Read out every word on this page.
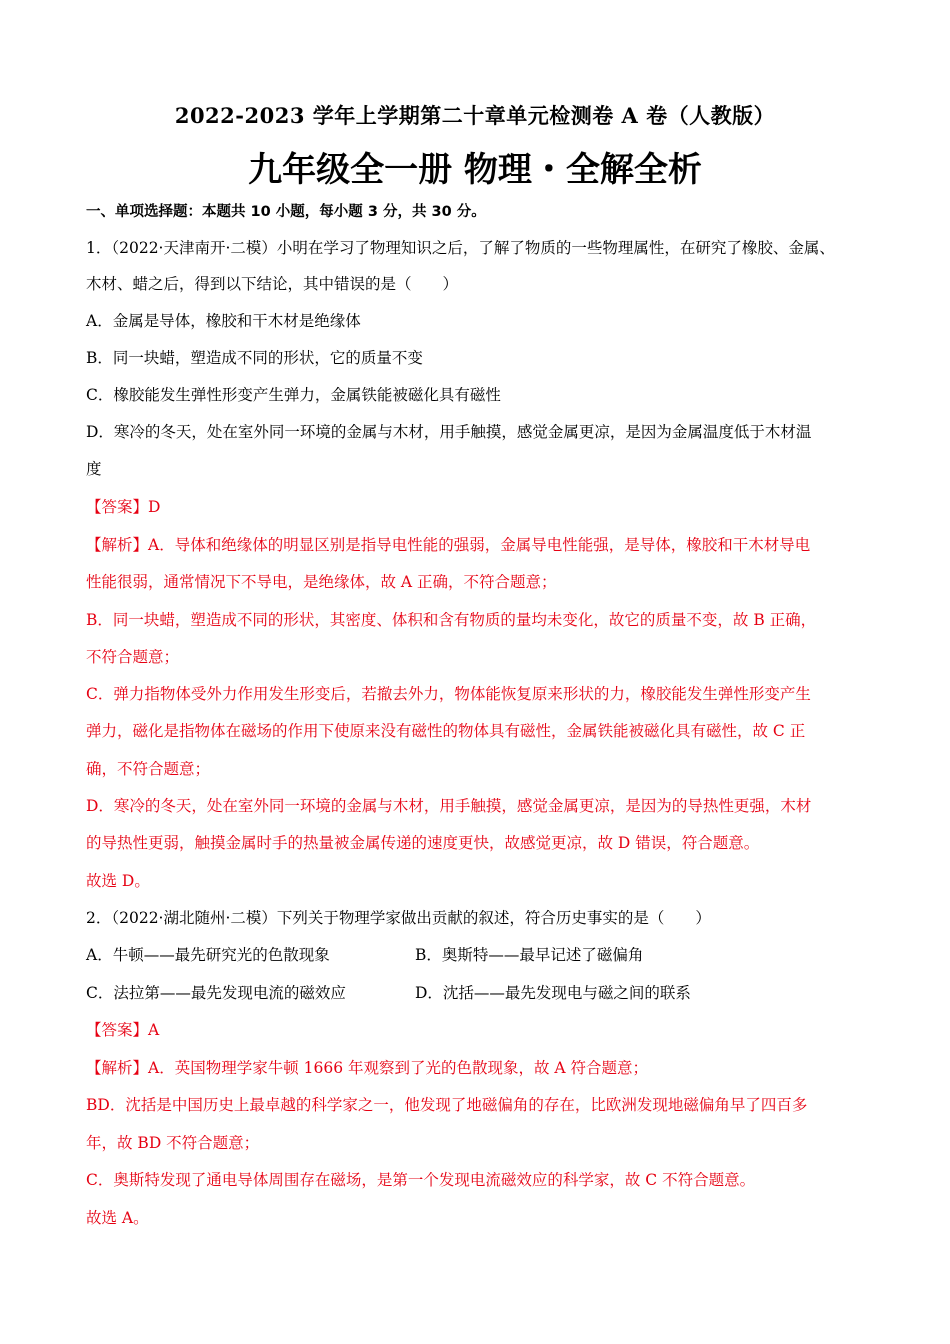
2022-2023 学年上学期第二十章单元检测卷 A 卷（人教版）
九年级全一册 物理・全解全析
一、单项选择题：本题共 10 小题，每小题 3 分，共 30 分。
1．（2022·天津南开·二模）小明在学习了物理知识之后，了解了物质的一些物理属性，在研究了橡胶、金属、
木材、蜡之后，得到以下结论，其中错误的是（　　）
A．金属是导体，橡胶和干木材是绝缘体
B．同一块蜡，塑造成不同的形状，它的质量不变
C．橡胶能发生弹性形变产生弹力，金属铁能被磁化具有磁性
D．寒冷的冬天，处在室外同一环境的金属与木材，用手触摸，感觉金属更凉，是因为金属温度低于木材温
度
【答案】D
【解析】A．导体和绝缘体的明显区别是指导电性能的强弱，金属导电性能强，是导体，橡胶和干木材导电
性能很弱，通常情况下不导电，是绝缘体，故 A 正确，不符合题意；
B．同一块蜡，塑造成不同的形状，其密度、体积和含有物质的量均未变化，故它的质量不变，故 B 正确，
不符合题意；
C．弹力指物体受外力作用发生形变后，若撤去外力，物体能恢复原来形状的力，橡胶能发生弹性形变产生
弹力，磁化是指物体在磁场的作用下使原来没有磁性的物体具有磁性，金属铁能被磁化具有磁性，故 C 正
确，不符合题意；
D．寒冷的冬天，处在室外同一环境的金属与木材，用手触摸，感觉金属更凉，是因为的导热性更强，木材
的导热性更弱，触摸金属时手的热量被金属传递的速度更快，故感觉更凉，故 D 错误，符合题意。
故选 D。
2．（2022·湖北随州·二模）下列关于物理学家做出贡献的叙述，符合历史事实的是（　　）
A．牛顿——最先研究光的色散现象	B．奥斯特——最早记述了磁偏角
C．法拉第——最先发现电流的磁效应	D．沈括——最先发现电与磁之间的联系
【答案】A
【解析】A．英国物理学家牛顿 1666 年观察到了光的色散现象，故 A 符合题意；
BD．沈括是中国历史上最卓越的科学家之一，他发现了地磁偏角的存在，比欧洲发现地磁偏角早了四百多
年，故 BD 不符合题意；
C．奥斯特发现了通电导体周围存在磁场，是第一个发现电流磁效应的科学家，故 C 不符合题意。
故选 A。
